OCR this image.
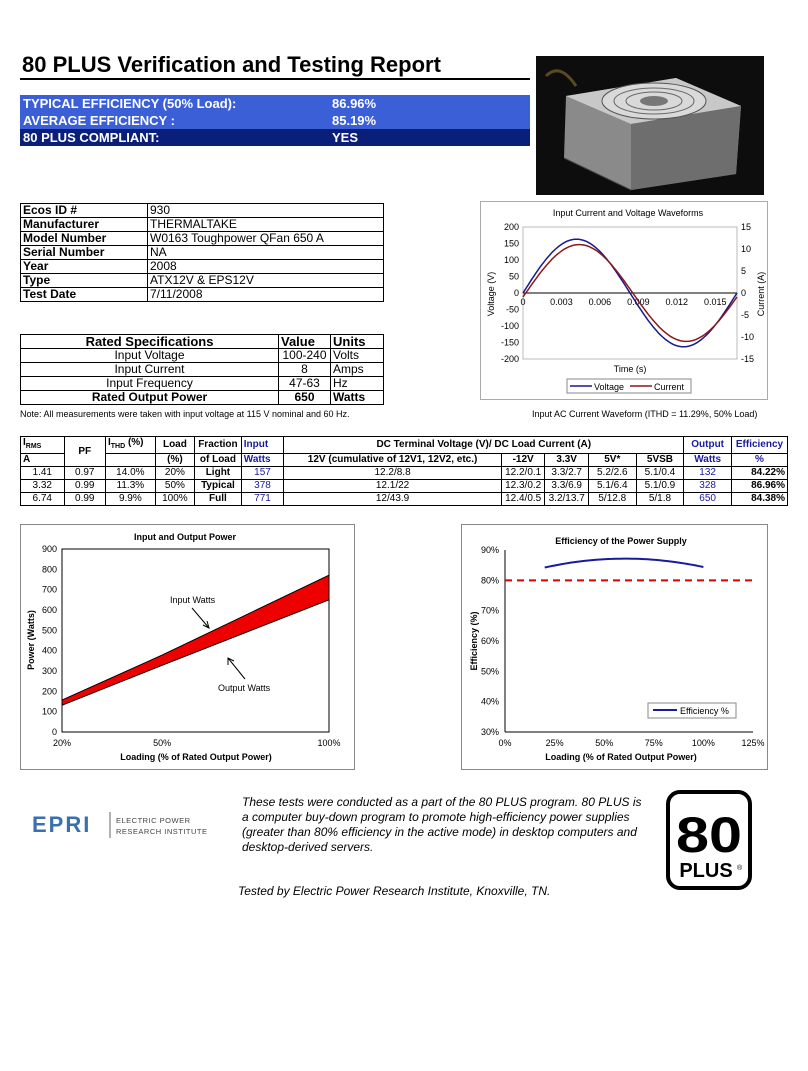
80 PLUS Verification and Testing Report
TYPICAL EFFICIENCY (50% Load):	86.96%
AVERAGE EFFICIENCY :	85.19%
80 PLUS COMPLIANT:	YES
Ecos ID #	930
Manufacturer	THERMALTAKE
Model Number	W0163 Toughpower QFan 650 A
Serial Number	NA
Year	2008
Type	ATX12V & EPS12V
Test Date	7/11/2008
Rated Specifications	Value	Units
Input Voltage	100-240	Volts
Input Current	8	Amps
Input Frequency	47-63	Hz
Rated Output Power	650	Watts
Note: All measurements were taken with input voltage at 115 V nominal and 60 Hz.
Input Current and Voltage Waveforms
200
150
100
50
0
-50
-100
-150
-200
15
10
5
0
-5
-10
-15
0	0.003 0.006 0.009 0.012 0.015
Voltage (V)	Current (A)
Time (s)
Voltage	Current
Input AC Current Waveform (ITHD = 11.29%, 50% Load)
$I_{RMS}$	PF	$I_{THD}$ (%)	Load	Fraction	Input	DC Terminal Voltage (V)/ DC Load Current (A)					Output	Efficiency
A			(%)	of Load	Watts	12V (cumulative of 12V1, 12V2, etc.)	-12V	3.3V	5V*	5VSB	Watts	%
1.41	0.97	14.0%	20%	Light	157	12.2/8.8	12.2/0.1	3.3/2.7	5.2/2.6	5.1/0.4	132	84.22%
3.32	0.99	11.3%	50%	Typical	378	12.1/22	12.3/0.2	3.3/6.9	5.1/6.4	5.1/0.9	328	86.96%
6.74	0.99	9.9%	100%	Full	771	12/43.9	12.4/0.5	3.2/13.7	5/12.8	5/1.8	650	84.38%
Input and Output Power
0
100
200
300
400
500
600
700
800
900
20%	50%	100%
Power (Watts)
Loading (% of Rated Output Power)
Input Watts
Output Watts
Efficiency of the Power Supply
90%
80%
70%
60%
50%
40%
30%
0%	25%	50%	75%	100%	125%
Efficiency (%)
Loading (% of Rated Output Power)
Efficiency %
EPRI	ELECTRIC POWER
RESEARCH INSTITUTE
These tests were conducted as a part of the 80 PLUS program. 80 PLUS is a computer buy-down program to promote high-efficiency power supplies (greater than 80% efficiency in the active mode) in desktop computers and desktop-derived servers.	80
PLUS ®
Tested by Electric Power Research Institute, Knoxville, TN.
